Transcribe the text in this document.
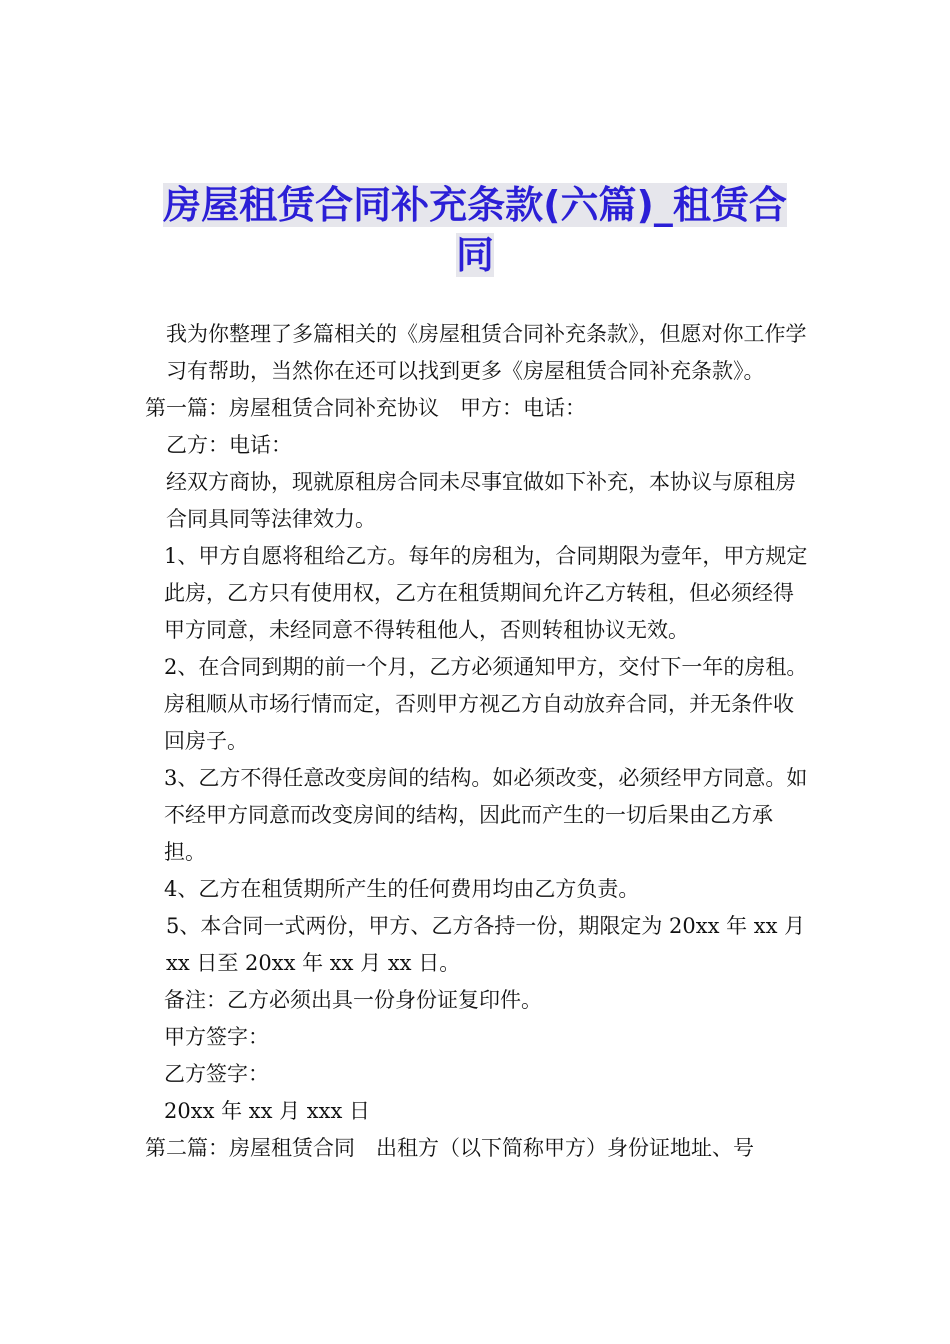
房屋租赁合同补充条款(六篇)_租赁合同

我为你整理了多篇相关的《房屋租赁合同补充条款》，但愿对你工作学习有帮助，当然你在还可以找到更多《房屋租赁合同补充条款》。

第一篇：房屋租赁合同补充协议　甲方：电话：

乙方：电话：

经双方商协，现就原租房合同未尽事宜做如下补充，本协议与原租房合同具同等法律效力。

1、甲方自愿将租给乙方。每年的房租为，合同期限为壹年，甲方规定此房，乙方只有使用权，乙方在租赁期间允许乙方转租，但必须经得甲方同意，未经同意不得转租他人，否则转租协议无效。

2、在合同到期的前一个月，乙方必须通知甲方，交付下一年的房租。房租顺从市场行情而定，否则甲方视乙方自动放弃合同，并无条件收回房子。

3、乙方不得任意改变房间的结构。如必须改变，必须经甲方同意。如不经甲方同意而改变房间的结构，因此而产生的一切后果由乙方承担。

4、乙方在租赁期所产生的任何费用均由乙方负责。

5、本合同一式两份，甲方、乙方各持一份，期限定为 20xx 年 xx 月 xx 日至 20xx 年 xx 月 xx 日。

备注：乙方必须出具一份身份证复印件。

甲方签字：

乙方签字：

20xx 年 xx 月 xxx 日

第二篇：房屋租赁合同　出租方（以下简称甲方）身份证地址、号
